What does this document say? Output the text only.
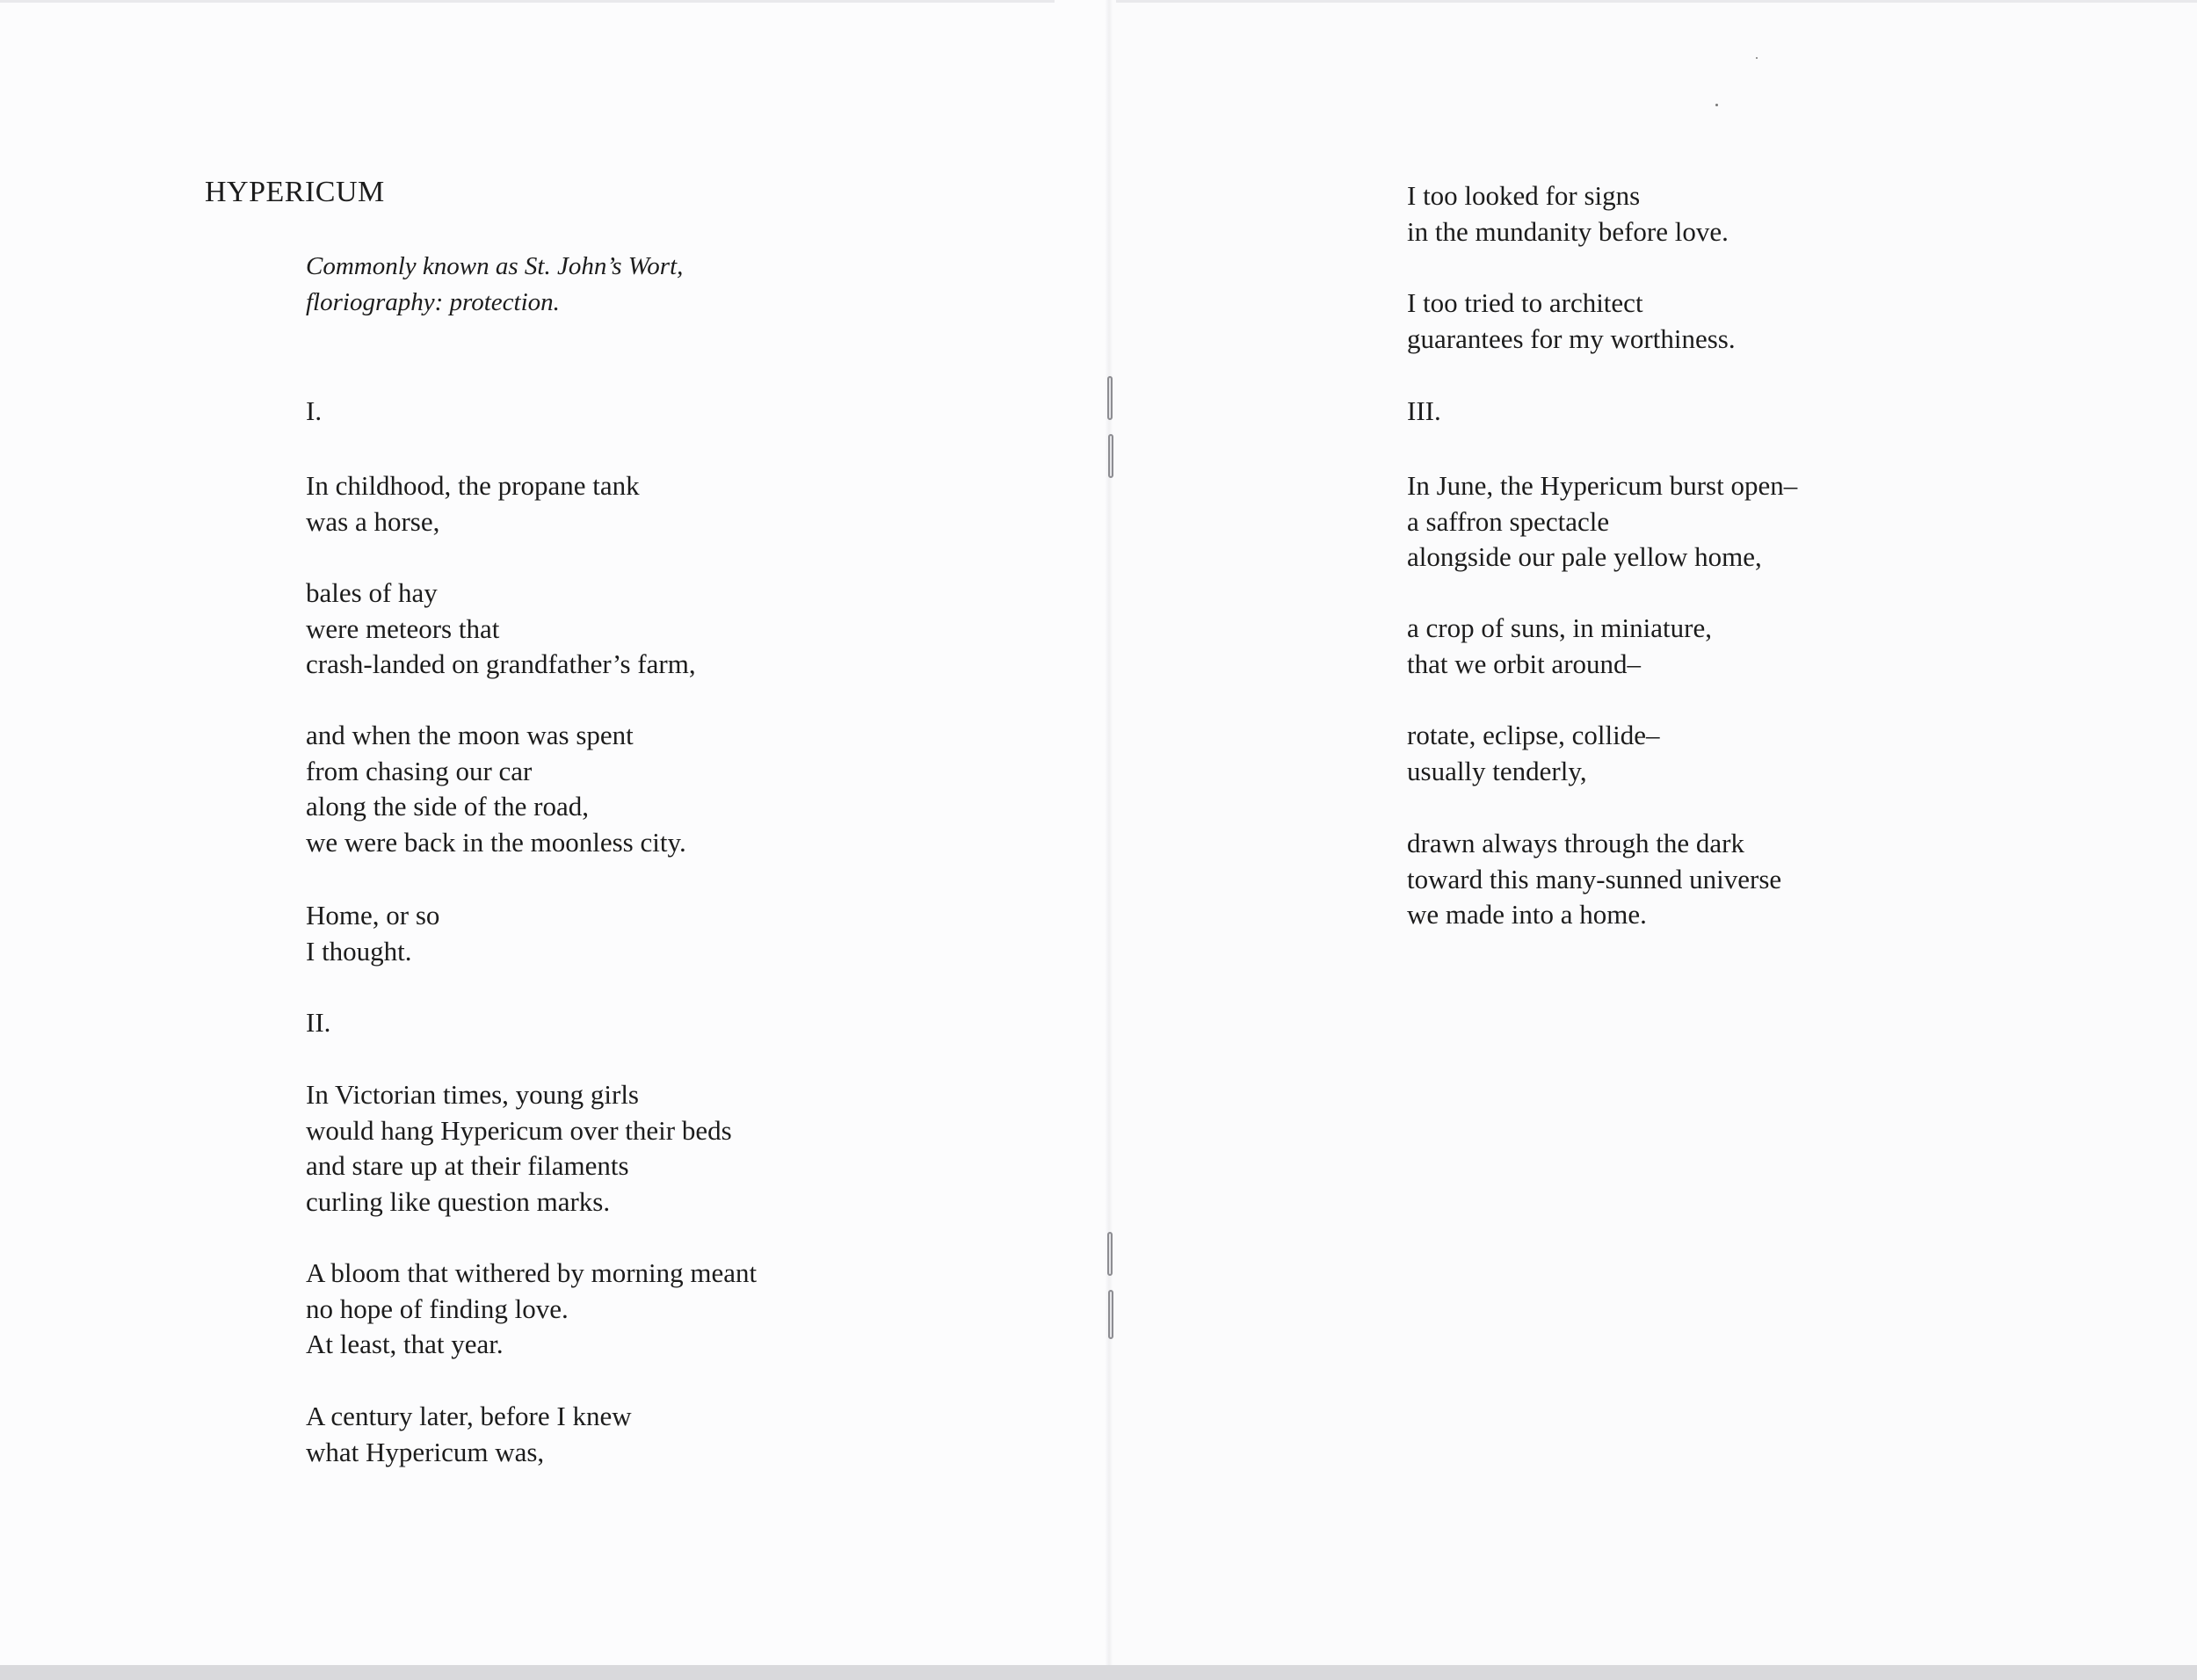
HYPERICUM
Commonly known as St. John’s Wort,
floriography: protection.
I.
In childhood, the propane tank
was a horse,
bales of hay
were meteors that
crash-landed on grandfather’s farm,
and when the moon was spent
from chasing our car
along the side of the road,
we were back in the moonless city.
Home, or so
I thought.
II.
In Victorian times, young girls
would hang Hypericum over their beds
and stare up at their filaments
curling like question marks.
A bloom that withered by morning meant
no hope of finding love.
At least, that year.
A century later, before I knew
what Hypericum was,
I too looked for signs
in the mundanity before love.
I too tried to architect
guarantees for my worthiness.
III.
In June, the Hypericum burst open–
a saffron spectacle
alongside our pale yellow home,
a crop of suns, in miniature,
that we orbit around–
rotate, eclipse, collide–
usually tenderly,
drawn always through the dark
toward this many-sunned universe
we made into a home.
